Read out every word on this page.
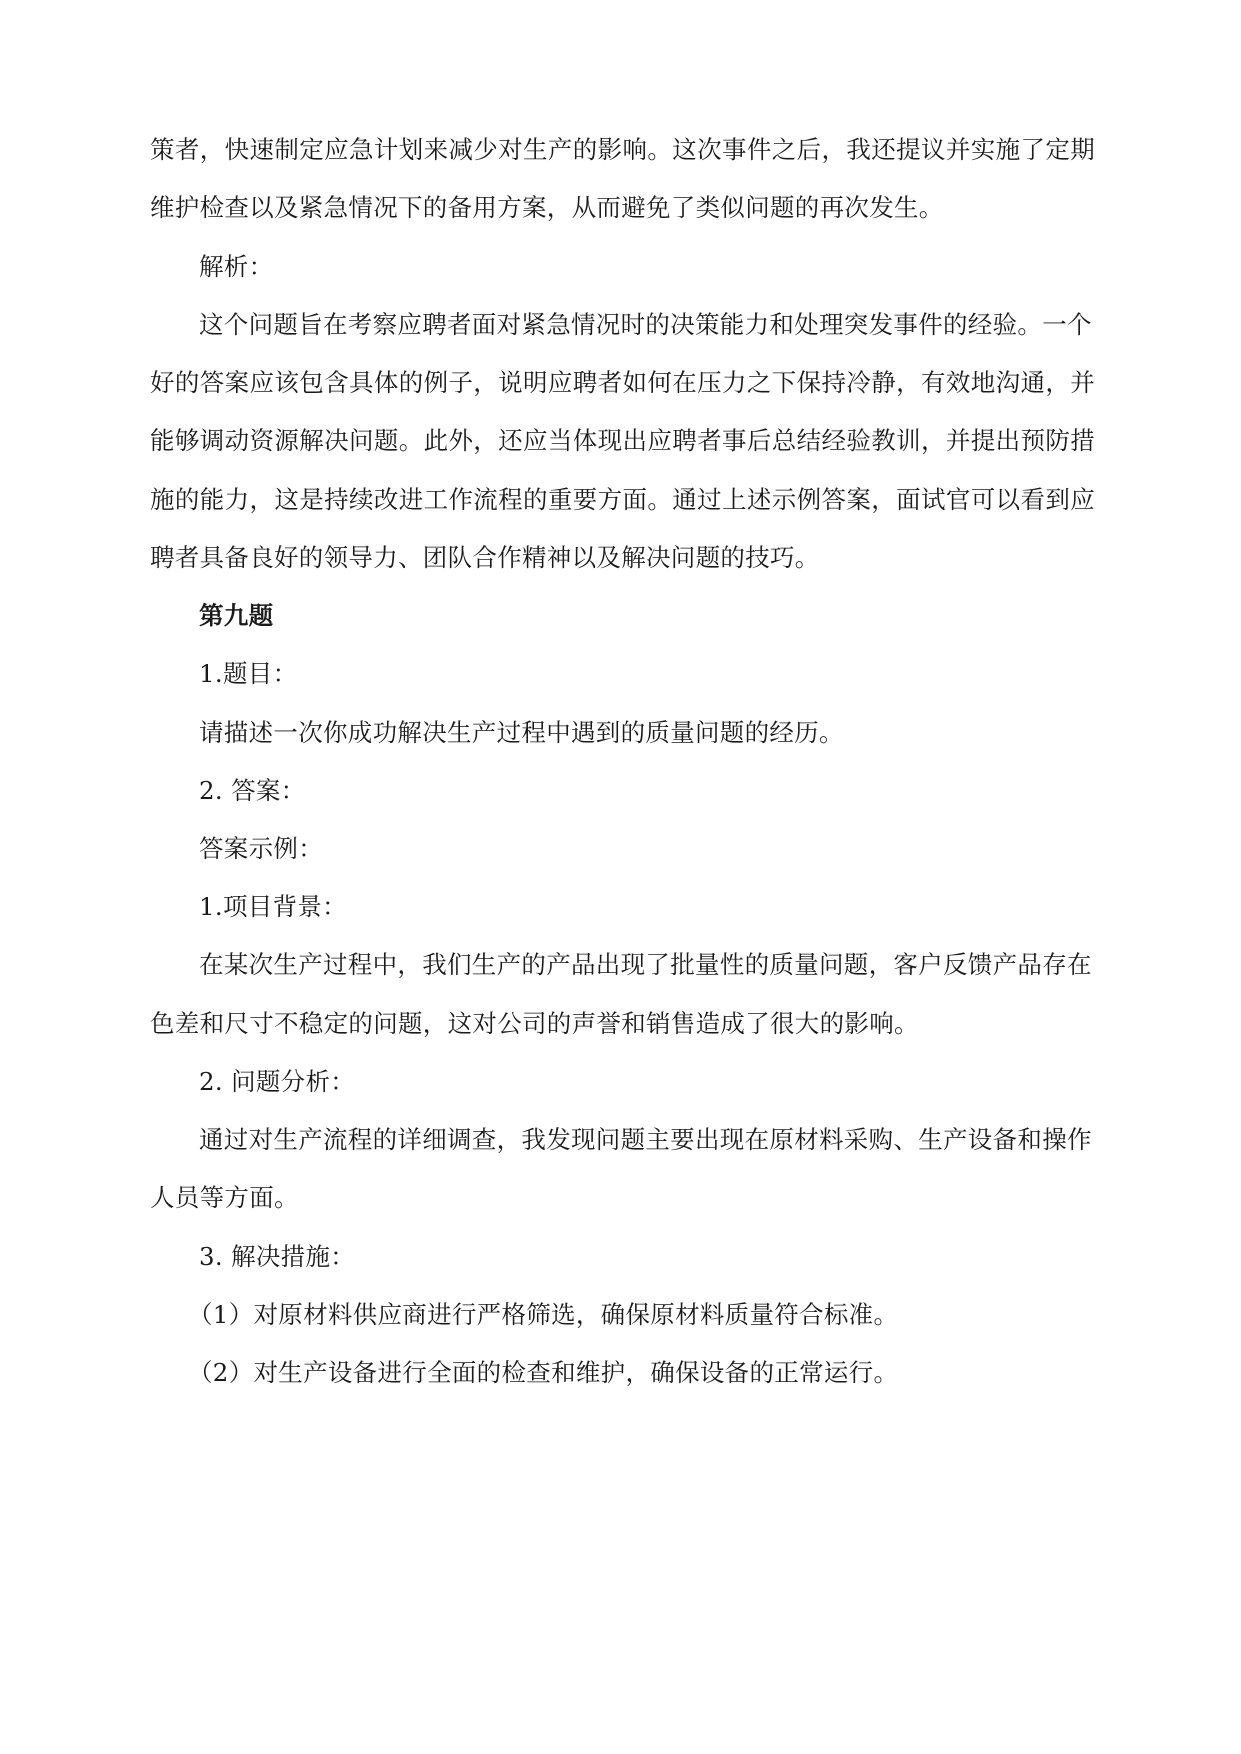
策者，快速制定应急计划来减少对生产的影响。这次事件之后，我还提议并实施了定期
维护检查以及紧急情况下的备用方案，从而避免了类似问题的再次发生。
解析：
这个问题旨在考察应聘者面对紧急情况时的决策能力和处理突发事件的经验。一个
好的答案应该包含具体的例子，说明应聘者如何在压力之下保持冷静，有效地沟通，并
能够调动资源解决问题。此外，还应当体现出应聘者事后总结经验教训，并提出预防措
施的能力，这是持续改进工作流程的重要方面。通过上述示例答案，面试官可以看到应
聘者具备良好的领导力、团队合作精神以及解决问题的技巧。
第九题
1.题目：
请描述一次你成功解决生产过程中遇到的质量问题的经历。
2. 答案：
答案示例：
1.项目背景：
在某次生产过程中，我们生产的产品出现了批量性的质量问题，客户反馈产品存在
色差和尺寸不稳定的问题，这对公司的声誉和销售造成了很大的影响。
2. 问题分析：
通过对生产流程的详细调查，我发现问题主要出现在原材料采购、生产设备和操作
人员等方面。
3. 解决措施：
（1）对原材料供应商进行严格筛选，确保原材料质量符合标准。
（2）对生产设备进行全面的检查和维护，确保设备的正常运行。
